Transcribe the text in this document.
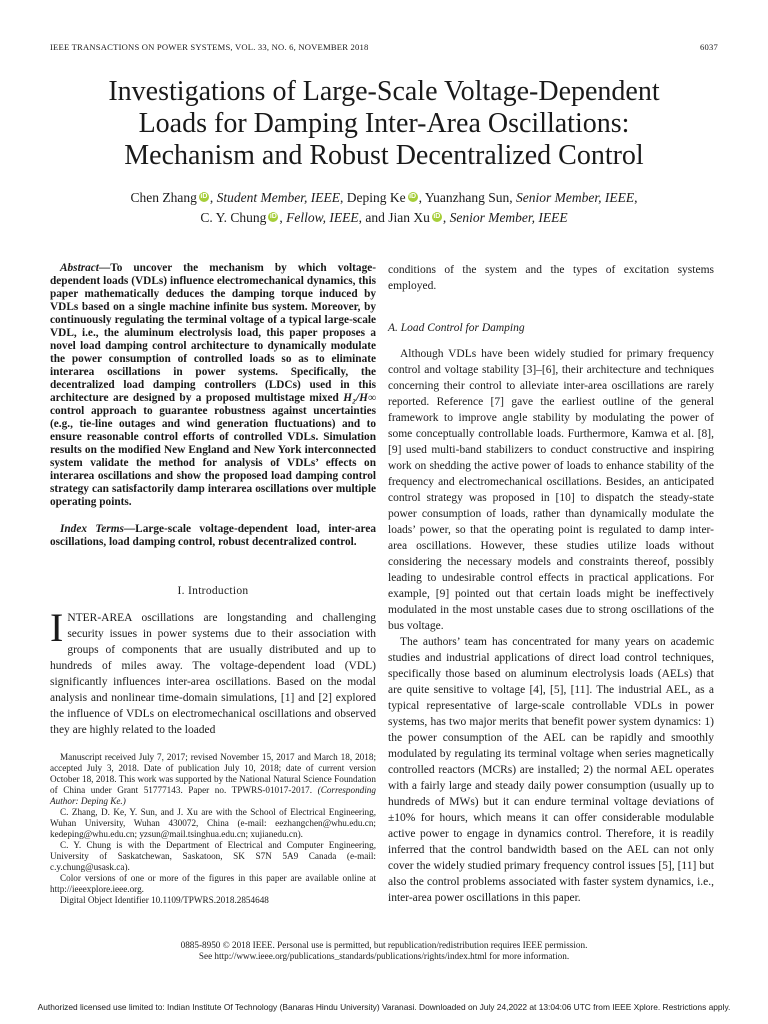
IEEE TRANSACTIONS ON POWER SYSTEMS, VOL. 33, NO. 6, NOVEMBER 2018	6037
Investigations of Large-Scale Voltage-Dependent
Loads for Damping Inter-Area Oscillations:
Mechanism and Robust Decentralized Control
Chen Zhang iD , Student Member, IEEE, Deping Ke iD , Yuanzhang Sun, Senior Member, IEEE,
C. Y. Chung iD , Fellow, IEEE, and Jian Xu iD , Senior Member, IEEE

Abstract—To uncover the mechanism by which voltage-dependent loads (VDLs) influence electromechanical dynamics, this paper mathematically deduces the damping torque induced by VDLs based on a single machine infinite bus system. Moreover, by continuously regulating the terminal voltage of a typical large-scale VDL, i.e., the aluminum electrolysis load, this paper proposes a novel load damping control architecture to dynamically modulate the power consumption of controlled loads so as to eliminate interarea oscillations in power systems. Specifically, the decentralized load damping controllers (LDCs) used in this architecture are designed by a proposed multistage mixed H₂/H∞ control approach to guarantee robustness against uncertainties (e.g., tie-line outages and wind generation fluctuations) and to ensure reasonable control efforts of controlled VDLs. Simulation results on the modified New England and New York interconnected system validate the method for analysis of VDLs’ effects on interarea oscillations and show the proposed load damping control strategy can satisfactorily damp interarea oscillations over multiple operating points.

Index Terms—Large-scale voltage-dependent load, inter-area oscillations, load damping control, robust decentralized control.

I. Introduction

INTER-AREA oscillations are longstanding and challenging security issues in power systems due to their association with groups of components that are usually distributed and up to hundreds of miles away. The voltage-dependent load (VDL) significantly influences inter-area oscillations. Based on the modal analysis and nonlinear time-domain simulations, [1] and [2] explored the influence of VDLs on electromechanical oscillations and observed they are highly related to the loaded

conditions of the system and the types of excitation systems employed.

A. Load Control for Damping

Although VDLs have been widely studied for primary frequency control and voltage stability [3]–[6], their architecture and techniques concerning their control to alleviate inter-area oscillations are rarely reported. Reference [7] gave the earliest outline of the general framework to improve angle stability by modulating the power of some conceptually controllable loads. Furthermore, Kamwa et al. [8], [9] used multi-band stabilizers to conduct constructive and inspiring work on shedding the active power of loads to enhance stability of the frequency and electromechanical oscillations. Besides, an anticipated control strategy was proposed in [10] to dispatch the steady-state power consumption of loads, rather than dynamically modulate the loads’ power, so that the operating point is regulated to damp inter-area oscillations. However, these studies utilize loads without considering the necessary models and constraints thereof, possibly leading to undesirable control effects in practical applications. For example, [9] pointed out that certain loads might be ineffectively modulated in the most unstable cases due to strong oscillations of the bus voltage.

The authors’ team has concentrated for many years on academic studies and industrial applications of direct load control techniques, specifically those based on aluminum electrolysis loads (AELs) that are quite sensitive to voltage [4], [5], [11]. The industrial AEL, as a typical representative of large-scale controllable VDLs in power systems, has two major merits that benefit power system dynamics: 1) the power consumption of the AEL can be rapidly and smoothly modulated by regulating its terminal voltage when series magnetically controlled reactors (MCRs) are installed; 2) the normal AEL operates with a fairly large and steady daily power consumption (usually up to hundreds of MWs) but it can endure terminal voltage deviations of ±10% for hours, which means it can offer considerable modulable active power to engage in dynamics control. Therefore, it is readily inferred that the control bandwidth based on the AEL can not only cover the widely studied primary frequency control issues [5], [11] but also the control problems associated with faster system dynamics, i.e., inter-area power oscillations in this paper.

Manuscript received July 7, 2017; revised November 15, 2017 and March 18, 2018; accepted July 3, 2018. Date of publication July 10, 2018; date of current version October 18, 2018. This work was supported by the National Natural Science Foundation of China under Grant 51777143. Paper no. TPWRS-01017-2017. (Corresponding Author: Deping Ke.)

C. Zhang, D. Ke, Y. Sun, and J. Xu are with the School of Electrical Engineering, Wuhan University, Wuhan 430072, China (e-mail: eezhangchen@whu.edu.cn; kedeping@whu.edu.cn; yzsun@mail.tsinghua.edu.cn; xujianedu.cn).

C. Y. Chung is with the Department of Electrical and Computer Engineering, University of Saskatchewan, Saskatoon, SK S7N 5A9 Canada (e-mail: c.y.chung@usask.ca).

Color versions of one or more of the figures in this paper are available online at http://ieeexplore.ieee.org.

Digital Object Identifier 10.1109/TPWRS.2018.2854648

0885-8950 © 2018 IEEE. Personal use is permitted, but republication/redistribution requires IEEE permission.
See http://www.ieee.org/publications_standards/publications/rights/index.html for more information.
Authorized licensed use limited to: Indian Institute Of Technology (Banaras Hindu University) Varanasi. Downloaded on July 24,2022 at 13:04:06 UTC from IEEE Xplore. Restrictions apply.
